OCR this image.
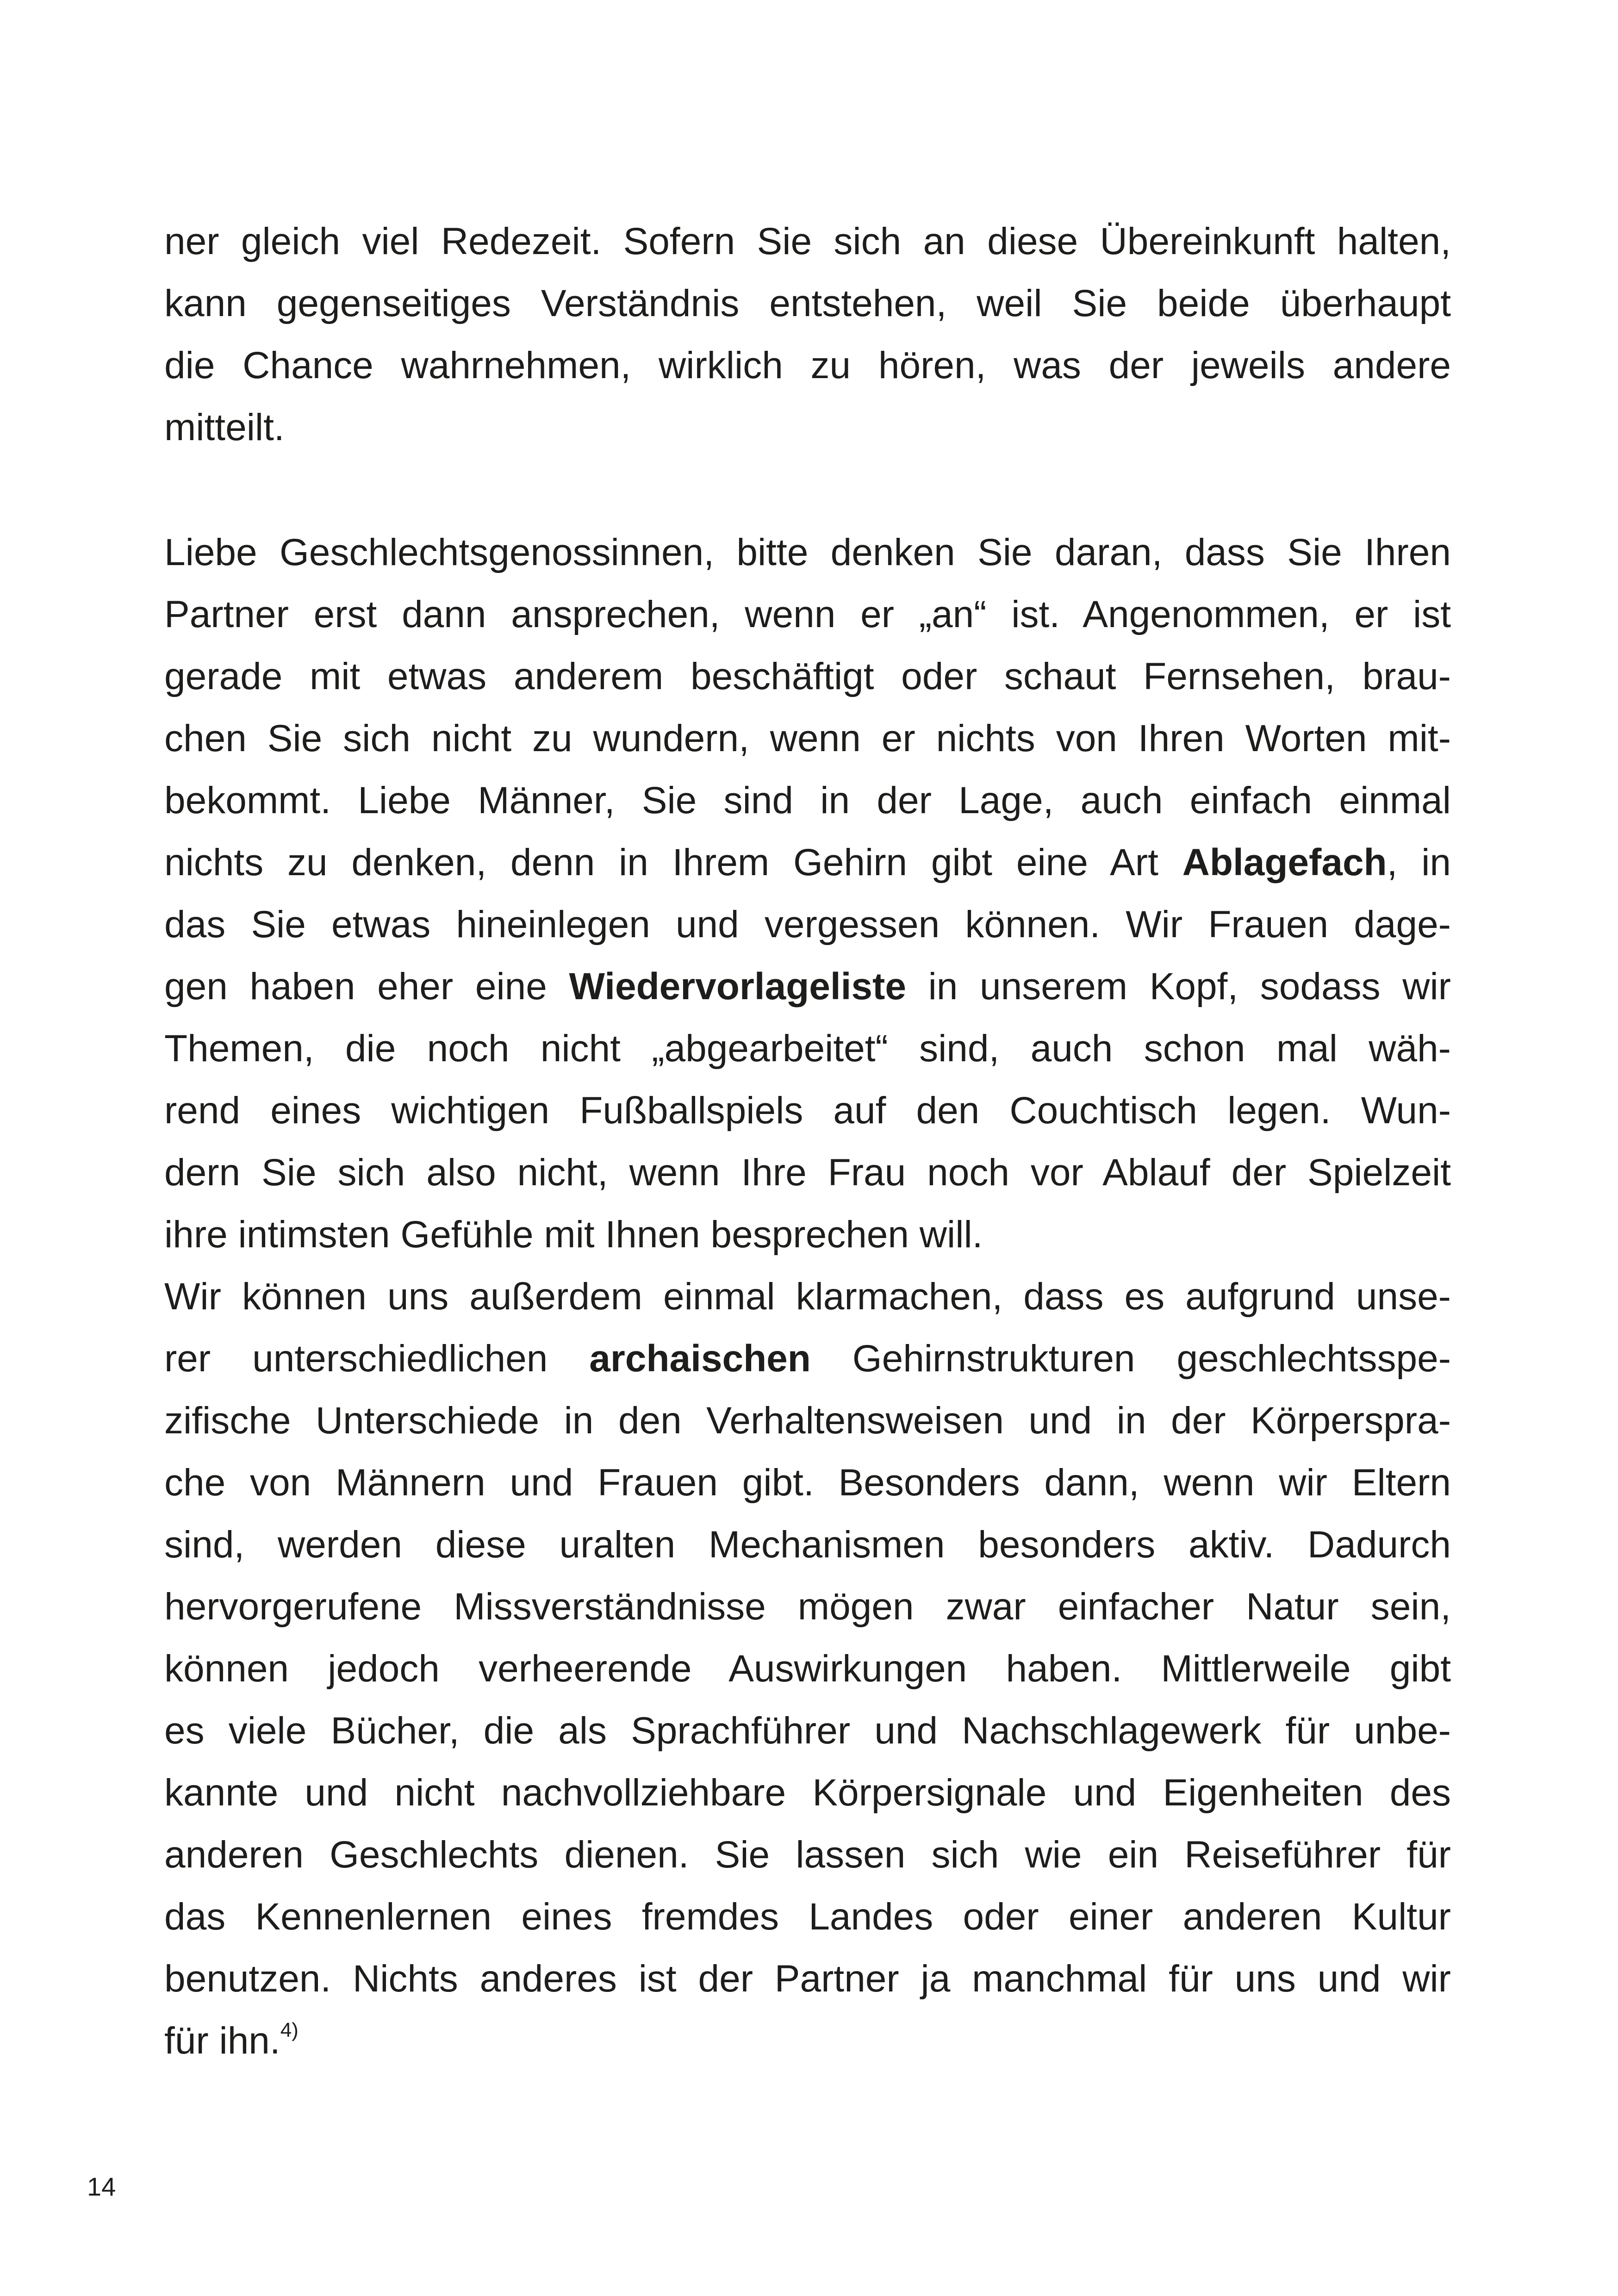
ner gleich viel Redezeit. Sofern Sie sich an diese Übereinkunft halten,
kann gegenseitiges Verständnis entstehen, weil Sie beide überhaupt
die Chance wahrnehmen, wirklich zu hören, was der jeweils andere
mitteilt.
Liebe Geschlechtsgenossinnen, bitte denken Sie daran, dass Sie Ihren
Partner erst dann ansprechen, wenn er „an“ ist. Angenommen, er ist
gerade mit etwas anderem beschäftigt oder schaut Fernsehen, brau-
chen Sie sich nicht zu wundern, wenn er nichts von Ihren Worten mit-
bekommt. Liebe Männer, Sie sind in der Lage, auch einfach einmal
nichts zu denken, denn in Ihrem Gehirn gibt eine Art Ablagefach, in
das Sie etwas hineinlegen und vergessen können. Wir Frauen dage-
gen haben eher eine Wiedervorlageliste in unserem Kopf, sodass wir
Themen, die noch nicht „abgearbeitet“ sind, auch schon mal wäh-
rend eines wichtigen Fußballspiels auf den Couchtisch legen. Wun-
dern Sie sich also nicht, wenn Ihre Frau noch vor Ablauf der Spielzeit
ihre intimsten Gefühle mit Ihnen besprechen will.
Wir können uns außerdem einmal klarmachen, dass es aufgrund unse-
rer unterschiedlichen archaischen Gehirnstrukturen geschlechtsspe-
zifische Unterschiede in den Verhaltensweisen und in der Körperspra-
che von Männern und Frauen gibt. Besonders dann, wenn wir Eltern
sind, werden diese uralten Mechanismen besonders aktiv. Dadurch
hervorgerufene Missverständnisse mögen zwar einfacher Natur sein,
können jedoch verheerende Auswirkungen haben. Mittlerweile gibt
es viele Bücher, die als Sprachführer und Nachschlagewerk für unbe-
kannte und nicht nachvollziehbare Körpersignale und Eigenheiten des
anderen Geschlechts dienen. Sie lassen sich wie ein Reiseführer für
das Kennenlernen eines fremdes Landes oder einer anderen Kultur
benutzen. Nichts anderes ist der Partner ja manchmal für uns und wir
für ihn.$^{4)}$
14
